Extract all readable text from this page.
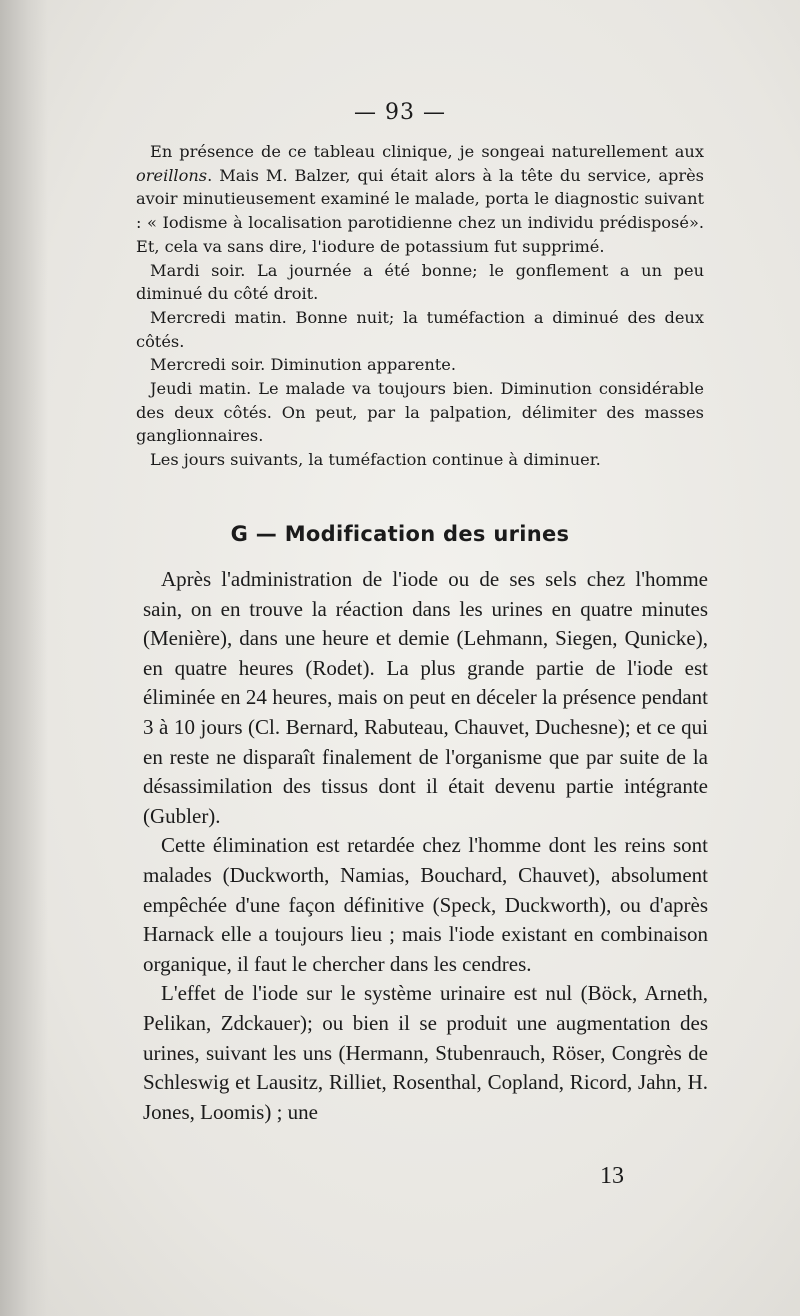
— 93 —

En présence de ce tableau clinique, je songeai naturellement aux oreillons. Mais M. Balzer, qui était alors à la tête du service, après avoir minutieusement examiné le malade, porta le diagnostic suivant : « Iodisme à localisation parotidienne chez un individu prédisposé». Et, cela va sans dire, l'iodure de potassium fut supprimé.

Mardi soir. La journée a été bonne; le gonflement a un peu diminué du côté droit.

Mercredi matin. Bonne nuit; la tuméfaction a diminué des deux côtés.

Mercredi soir. Diminution apparente.

Jeudi matin. Le malade va toujours bien. Diminution considérable des deux côtés. On peut, par la palpation, délimiter des masses ganglionnaires.

Les jours suivants, la tuméfaction continue à diminuer.

G — Modification des urines

Après l'administration de l'iode ou de ses sels chez l'homme sain, on en trouve la réaction dans les urines en quatre minutes (Menière), dans une heure et demie (Lehmann, Siegen, Qunicke), en quatre heures (Rodet). La plus grande partie de l'iode est éliminée en 24 heures, mais on peut en déceler la présence pendant 3 à 10 jours (Cl. Bernard, Rabuteau, Chauvet, Duchesne); et ce qui en reste ne disparaît finalement de l'organisme que par suite de la désassimilation des tissus dont il était devenu partie intégrante (Gubler).

Cette élimination est retardée chez l'homme dont les reins sont malades (Duckworth, Namias, Bouchard, Chauvet), absolument empêchée d'une façon définitive (Speck, Duckworth), ou d'après Harnack elle a toujours lieu ; mais l'iode existant en combinaison organique, il faut le chercher dans les cendres.

L'effet de l'iode sur le système urinaire est nul (Böck, Arneth, Pelikan, Zdckauer); ou bien il se produit une augmentation des urines, suivant les uns (Hermann, Stubenrauch, Röser, Congrès de Schleswig et Lausitz, Rilliet, Rosenthal, Copland, Ricord, Jahn, H. Jones, Loomis) ; une

13
